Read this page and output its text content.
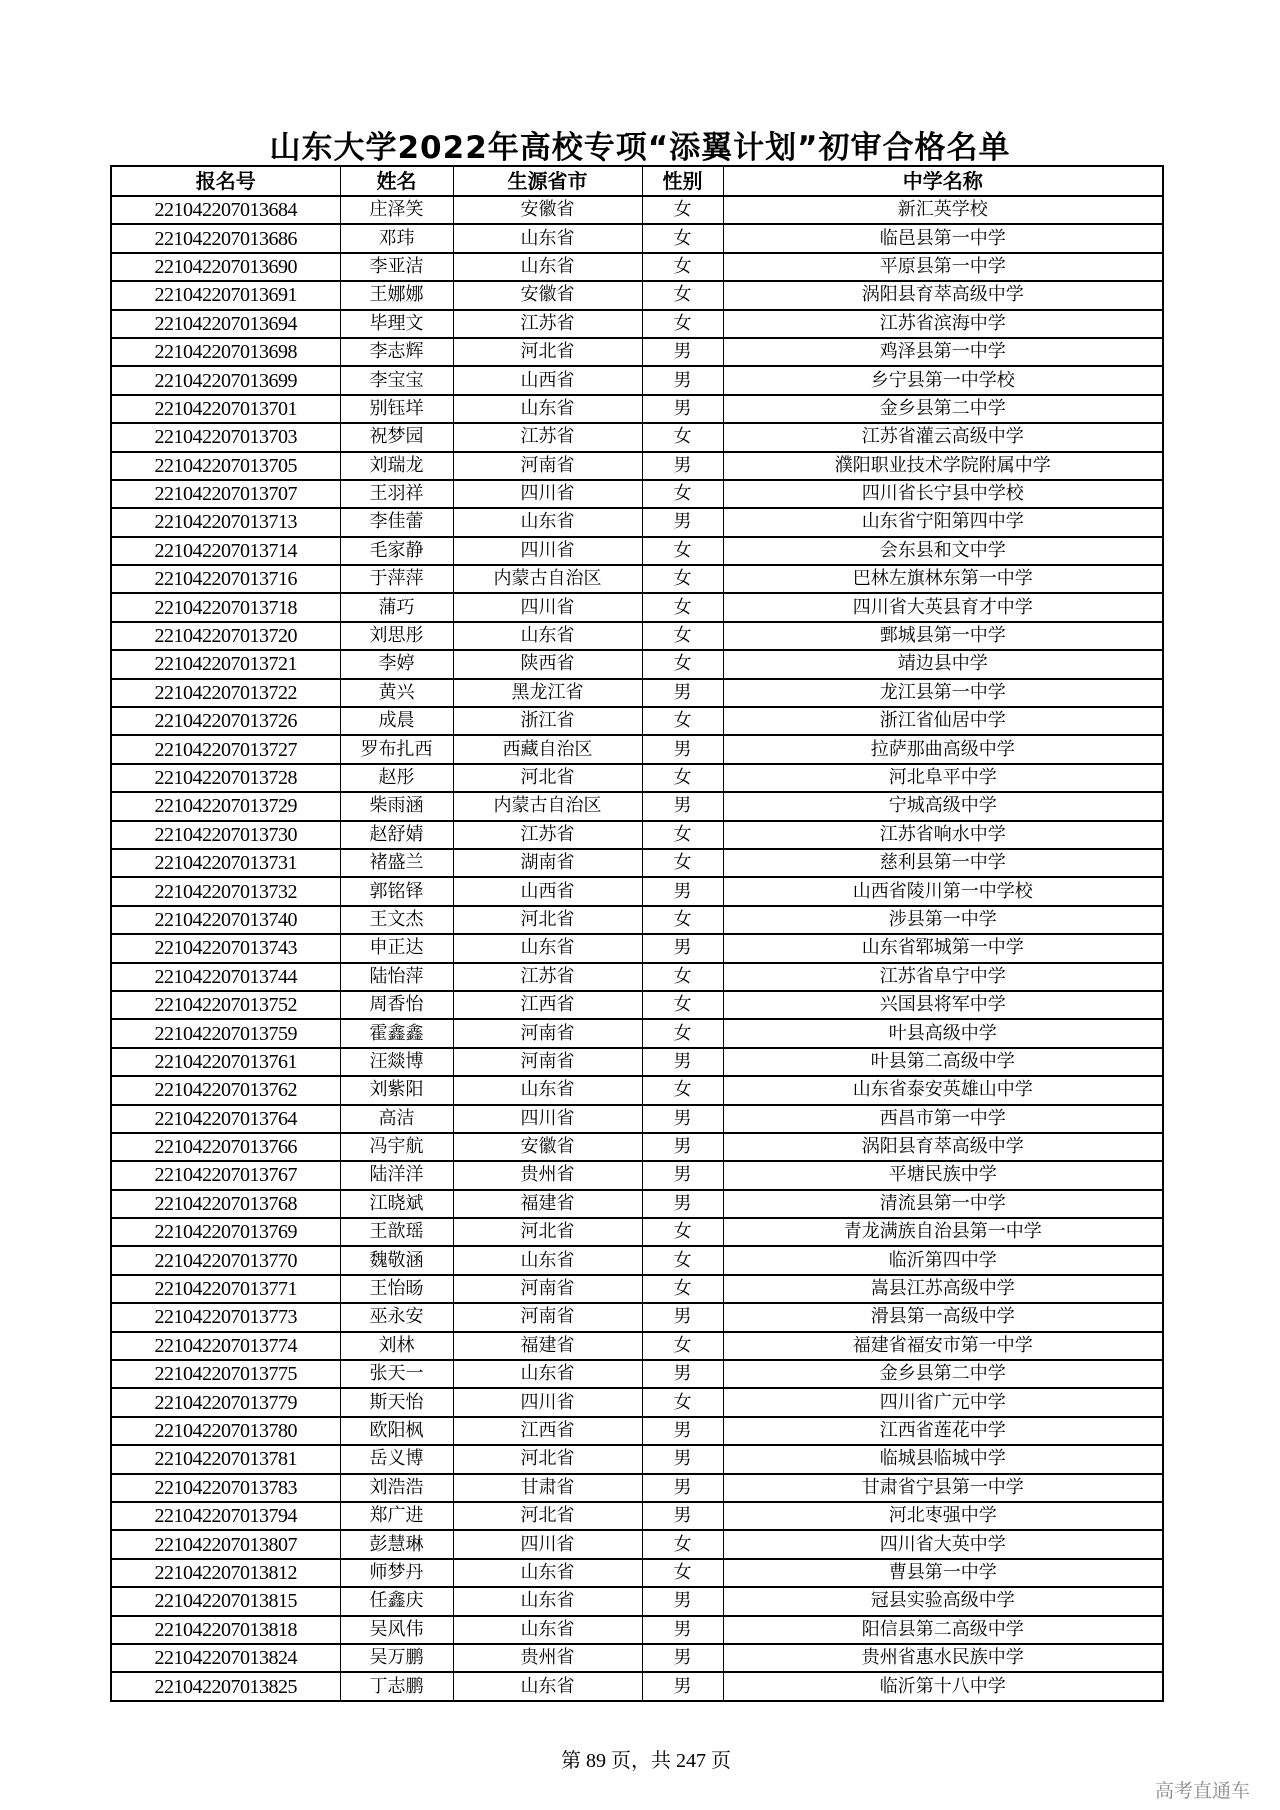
山东大学2022年高校专项“添翼计划”初审合格名单
报名号	姓名	生源省市	性别	中学名称
221042207013684	庄泽笑	安徽省	女	新汇英学校
221042207013686	邓玮	山东省	女	临邑县第一中学
221042207013690	李亚洁	山东省	女	平原县第一中学
221042207013691	王娜娜	安徽省	女	涡阳县育萃高级中学
221042207013694	毕理文	江苏省	女	江苏省滨海中学
221042207013698	李志辉	河北省	男	鸡泽县第一中学
221042207013699	李宝宝	山西省	男	乡宁县第一中学校
221042207013701	别钰垟	山东省	男	金乡县第二中学
221042207013703	祝梦园	江苏省	女	江苏省灌云高级中学
221042207013705	刘瑞龙	河南省	男	濮阳职业技术学院附属中学
221042207013707	王羽祥	四川省	女	四川省长宁县中学校
221042207013713	李佳蕾	山东省	男	山东省宁阳第四中学
221042207013714	毛家静	四川省	女	会东县和文中学
221042207013716	于萍萍	内蒙古自治区	女	巴林左旗林东第一中学
221042207013718	蒲巧	四川省	女	四川省大英县育才中学
221042207013720	刘思彤	山东省	女	鄄城县第一中学
221042207013721	李婷	陕西省	女	靖边县中学
221042207013722	黄兴	黑龙江省	男	龙江县第一中学
221042207013726	成晨	浙江省	女	浙江省仙居中学
221042207013727	罗布扎西	西藏自治区	男	拉萨那曲高级中学
221042207013728	赵彤	河北省	女	河北阜平中学
221042207013729	柴雨涵	内蒙古自治区	男	宁城高级中学
221042207013730	赵舒婧	江苏省	女	江苏省响水中学
221042207013731	褚盛兰	湖南省	女	慈利县第一中学
221042207013732	郭铭铎	山西省	男	山西省陵川第一中学校
221042207013740	王文杰	河北省	女	涉县第一中学
221042207013743	申正达	山东省	男	山东省郓城第一中学
221042207013744	陆怡萍	江苏省	女	江苏省阜宁中学
221042207013752	周香怡	江西省	女	兴国县将军中学
221042207013759	霍鑫鑫	河南省	女	叶县高级中学
221042207013761	汪燚博	河南省	男	叶县第二高级中学
221042207013762	刘紫阳	山东省	女	山东省泰安英雄山中学
221042207013764	高洁	四川省	男	西昌市第一中学
221042207013766	冯宇航	安徽省	男	涡阳县育萃高级中学
221042207013767	陆洋洋	贵州省	男	平塘民族中学
221042207013768	江晓斌	福建省	男	清流县第一中学
221042207013769	王歆瑶	河北省	女	青龙满族自治县第一中学
221042207013770	魏敬涵	山东省	女	临沂第四中学
221042207013771	王怡旸	河南省	女	嵩县江苏高级中学
221042207013773	巫永安	河南省	男	滑县第一高级中学
221042207013774	刘林	福建省	女	福建省福安市第一中学
221042207013775	张天一	山东省	男	金乡县第二中学
221042207013779	斯天怡	四川省	女	四川省广元中学
221042207013780	欧阳枫	江西省	男	江西省莲花中学
221042207013781	岳义博	河北省	男	临城县临城中学
221042207013783	刘浩浩	甘肃省	男	甘肃省宁县第一中学
221042207013794	郑广进	河北省	男	河北枣强中学
221042207013807	彭慧琳	四川省	女	四川省大英中学
221042207013812	师梦丹	山东省	女	曹县第一中学
221042207013815	任鑫庆	山东省	男	冠县实验高级中学
221042207013818	吴风伟	山东省	男	阳信县第二高级中学
221042207013824	吴万鹏	贵州省	男	贵州省惠水民族中学
221042207013825	丁志鹏	山东省	男	临沂第十八中学
第 89 页，共 247 页
高考直通车
